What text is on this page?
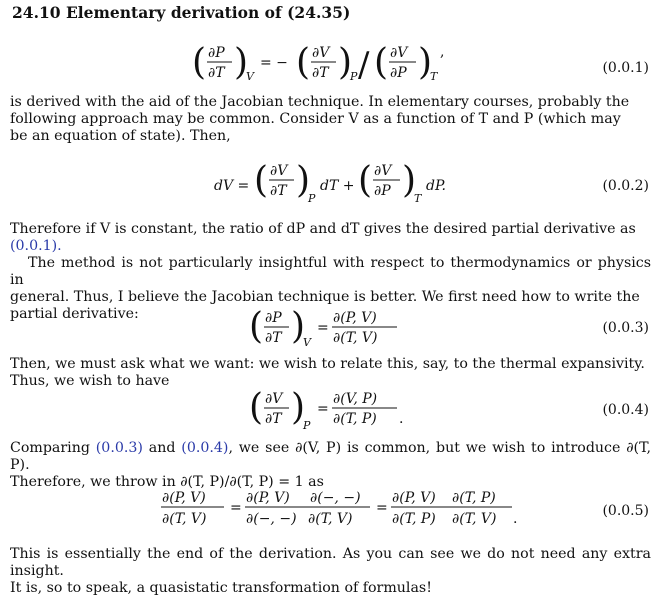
24.10 Elementary derivation of (24.35)
( ∂P
∂T )
V
= − ( ∂V
∂T )
P / ( ∂V
∂P )
T
,
(0.0.1)
is derived with the aid of the Jacobian technique. In elementary courses, probably the
following approach may be common. Consider V as a function of T and P (which may
be an equation of state). Then,
dV = ( ∂V
∂T )
P
dT + ( ∂V
∂P )
T
dP.	(0.0.2)
Therefore if V is constant, the ratio of dP and dT gives the desired partial derivative as
(0.0.1).
The method is not particularly insightful with respect to thermodynamics or physics in
general. Thus, I believe the Jacobian technique is better. We first need how to write the
partial derivative:	( ∂P
∂T )
V
=
∂(P, V)
∂(T, V)
(0.0.3)
Then, we must ask what we want: we wish to relate this, say, to the thermal expansivity.
Thus, we wish to have
( ∂V
∂T )
P
=
∂(V, P)
∂(T, P) .
(0.0.4)
Comparing (0.0.3) and (0.0.4), we see ∂(V, P) is common, but we wish to introduce ∂(T, P).
Therefore, we throw in ∂(T, P)/∂(T, P) = 1 as
∂(P, V)
∂(T, V)
=
∂(P, V) ∂(−, −)
∂(−, −) ∂(T, V)
=
∂(P, V) ∂(T, P)
∂(T, P) ∂(T, V) .	(0.0.5)
This is essentially the end of the derivation. As you can see we do not need any extra insight.
It is, so to speak, a quasistatic transformation of formulas!
